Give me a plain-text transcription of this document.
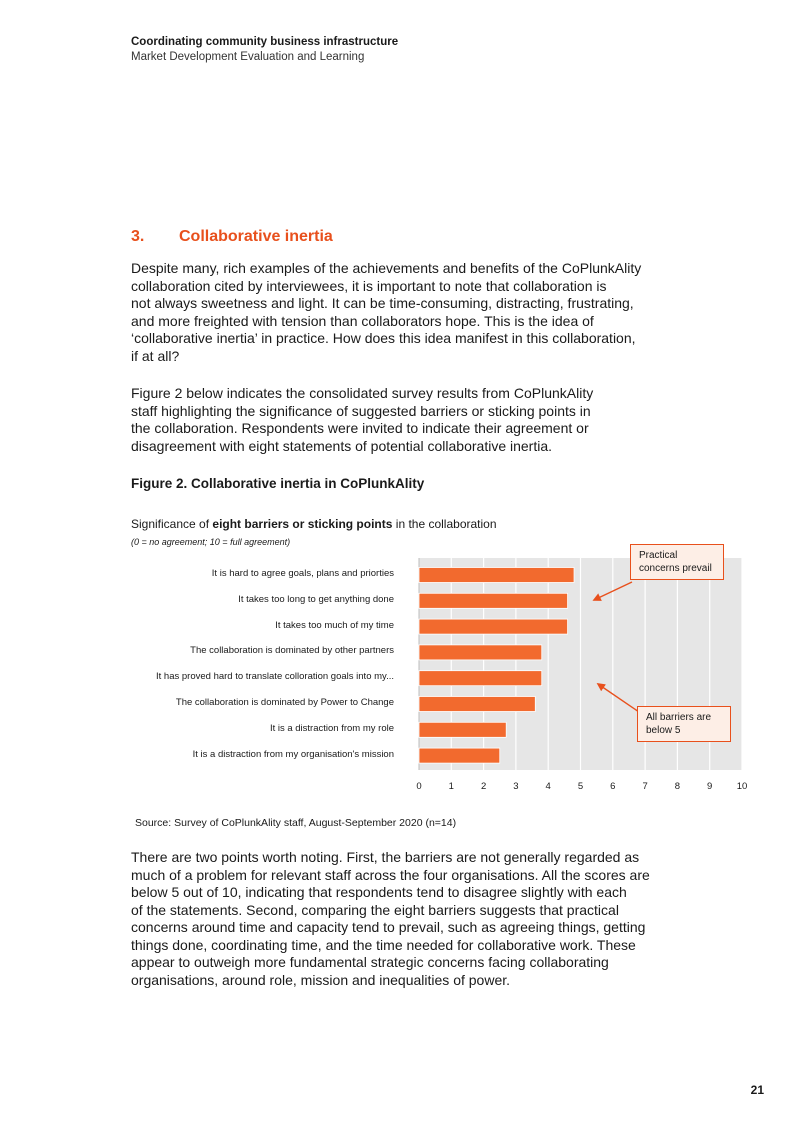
Coordinating community business infrastructure
Market Development Evaluation and Learning
3. Collaborative inertia
Despite many, rich examples of the achievements and benefits of the CoPlunkAlity
collaboration cited by interviewees, it is important to note that collaboration is
not always sweetness and light. It can be time-consuming, distracting, frustrating,
and more freighted with tension than collaborators hope. This is the idea of
‘collaborative inertia’ in practice. How does this idea manifest in this collaboration,
if at all?
Figure 2 below indicates the consolidated survey results from CoPlunkAlity
staff highlighting the significance of suggested barriers or sticking points in
the collaboration. Respondents were invited to indicate their agreement or
disagreement with eight statements of potential collaborative inertia.
Figure 2. Collaborative inertia in CoPlunkAlity
Significance of eight barriers or sticking points in the collaboration
(0 = no agreement; 10 = full agreement)
It is hard to agree goals, plans and priorties
It takes too long to get anything done
It takes too much of my time
The collaboration is dominated by other partners
It has proved hard to translate colloration goals into my...
The collaboration is dominated by Power to Change
It is a distraction from my role
It is a distraction from my organisation's mission
0	1	2	3	4	5	6	7	8	9	10
Practical
concerns prevail
All barriers are
below 5
Source: Survey of CoPlunkAlity staff, August-September 2020 (n=14)
There are two points worth noting. First, the barriers are not generally regarded as
much of a problem for relevant staff across the four organisations. All the scores are
below 5 out of 10, indicating that respondents tend to disagree slightly with each
of the statements. Second, comparing the eight barriers suggests that practical
concerns around time and capacity tend to prevail, such as agreeing things, getting
things done, coordinating time, and the time needed for collaborative work. These
appear to outweigh more fundamental strategic concerns facing collaborating
organisations, around role, mission and inequalities of power.
21
